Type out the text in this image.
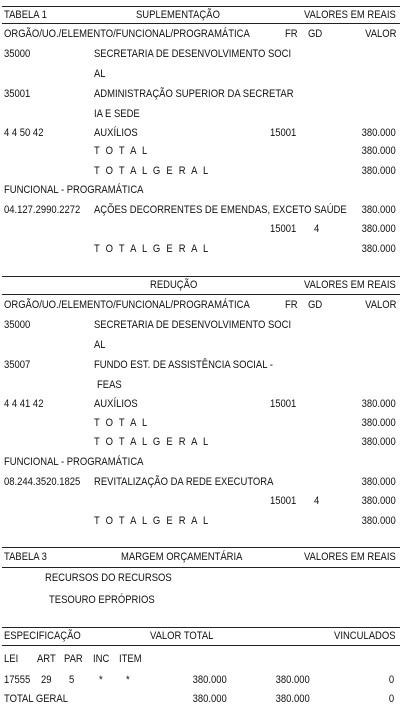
TABELA 1	SUPLEMENTAÇÃO	VALORES EM REAIS
ORGÃO/UO./ELEMENTO/FUNCIONAL/PROGRAMÁTICA	FR GD	VALOR
35000	SECRETARIA DE DESENVOLVIMENTO SOCI
AL
35001	ADMINISTRAÇÃO SUPERIOR DA SECRETAR
IA E SEDE
4 4 50 42	AUXÍLIOS	15001	380.000
T O T A L	380.000
T O T A L G E R A L	380.000
FUNCIONAL - PROGRAMÁTICA
04.127.2990.2272 AÇÕES DECORRENTES DE EMENDAS, EXCETO SAÚDE 380.000
15001 4	380.000
T O T A L G E R A L	380.000
REDUÇÃO	VALORES EM REAIS
ORGÃO/UO./ELEMENTO/FUNCIONAL/PROGRAMÁTICA	FR GD	VALOR
35000	SECRETARIA DE DESENVOLVIMENTO SOCI
AL
35007	FUNDO EST. DE ASSISTÊNCIA SOCIAL -
FEAS
4 4 41 42	AUXÍLIOS	15001	380.000
T O T A L	380.000
T O T A L G E R A L	380.000
FUNCIONAL - PROGRAMÁTICA
08.244.3520.1825 REVITALIZAÇÃO DA REDE EXECUTORA	380.000
15001 4	380.000
T O T A L G E R A L	380.000
TABELA 3	MARGEM ORÇAMENTÁRIA	VALORES EM REAIS
RECURSOS DO RECURSOS
TESOURO EPRÓPRIOS
ESPECIFICAÇÃO	VALOR TOTAL	VINCULADOS
LEI ART PAR INC ITEM
17555 29 5 * *	380.000	380.000	0
TOTAL GERAL	380.000	380.000	0
